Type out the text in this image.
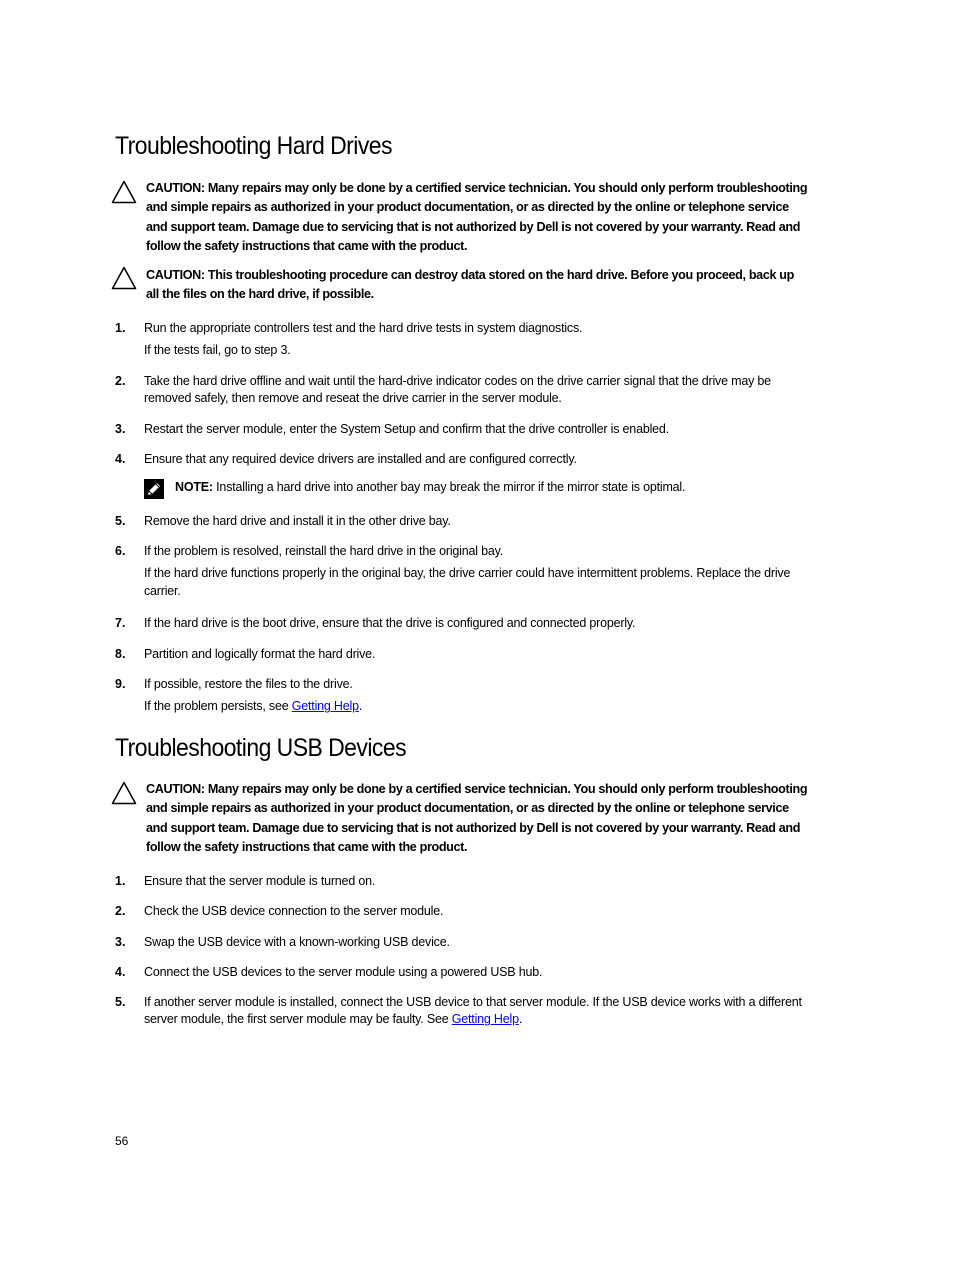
Troubleshooting Hard Drives
CAUTION: Many repairs may only be done by a certified service technician. You should only perform troubleshooting and simple repairs as authorized in your product documentation, or as directed by the online or telephone service and support team. Damage due to servicing that is not authorized by Dell is not covered by your warranty. Read and follow the safety instructions that came with the product.
CAUTION: This troubleshooting procedure can destroy data stored on the hard drive. Before you proceed, back up all the files on the hard drive, if possible.
1. Run the appropriate controllers test and the hard drive tests in system diagnostics.
If the tests fail, go to step 3.
2. Take the hard drive offline and wait until the hard-drive indicator codes on the drive carrier signal that the drive may be removed safely, then remove and reseat the drive carrier in the server module.
3. Restart the server module, enter the System Setup and confirm that the drive controller is enabled.
4. Ensure that any required device drivers are installed and are configured correctly.
NOTE: Installing a hard drive into another bay may break the mirror if the mirror state is optimal.
5. Remove the hard drive and install it in the other drive bay.
6. If the problem is resolved, reinstall the hard drive in the original bay.
If the hard drive functions properly in the original bay, the drive carrier could have intermittent problems. Replace the drive carrier.
7. If the hard drive is the boot drive, ensure that the drive is configured and connected properly.
8. Partition and logically format the hard drive.
9. If possible, restore the files to the drive.
If the problem persists, see Getting Help.
Troubleshooting USB Devices
CAUTION: Many repairs may only be done by a certified service technician. You should only perform troubleshooting and simple repairs as authorized in your product documentation, or as directed by the online or telephone service and support team. Damage due to servicing that is not authorized by Dell is not covered by your warranty. Read and follow the safety instructions that came with the product.
1. Ensure that the server module is turned on.
2. Check the USB device connection to the server module.
3. Swap the USB device with a known-working USB device.
4. Connect the USB devices to the server module using a powered USB hub.
5. If another server module is installed, connect the USB device to that server module. If the USB device works with a different server module, the first server module may be faulty. See Getting Help.
56
